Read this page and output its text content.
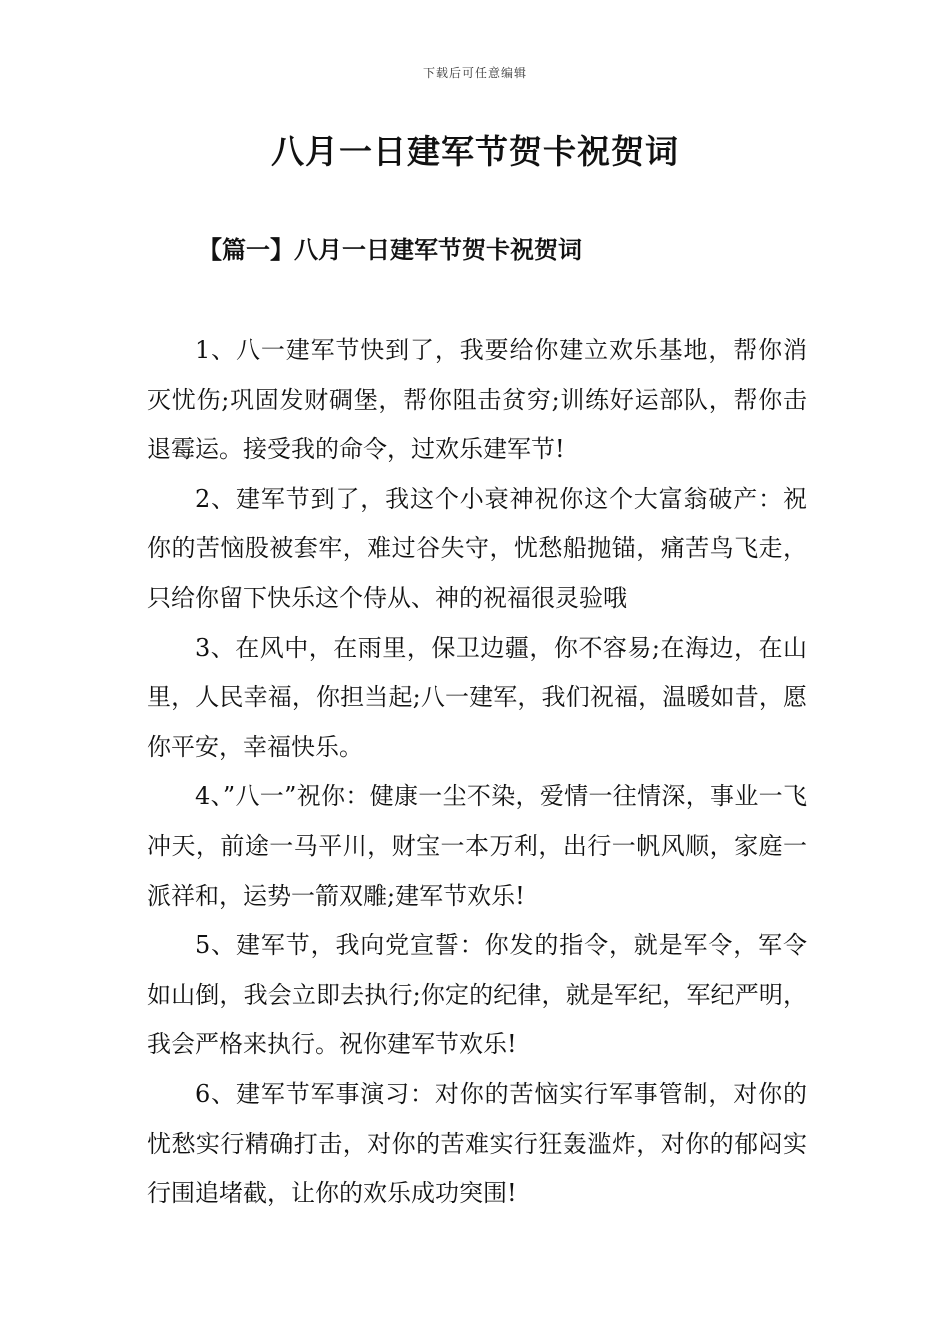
下载后可任意编辑
八月一日建军节贺卡祝贺词
【篇一】八月一日建军节贺卡祝贺词

1、八一建军节快到了，我要给你建立欢乐基地，帮你消灭忧伤;巩固发财碉堡，帮你阻击贫穷;训练好运部队，帮你击退霉运。接受我的命令，过欢乐建军节!

2、建军节到了，我这个小衰神祝你这个大富翁破产：祝你的苦恼股被套牢，难过谷失守，忧愁船抛锚，痛苦鸟飞走，只给你留下快乐这个侍从、神的祝福很灵验哦

3、在风中，在雨里，保卫边疆，你不容易;在海边，在山里，人民幸福，你担当起;八一建军，我们祝福，温暖如昔，愿你平安，幸福快乐。

4、”八一”祝你：健康一尘不染，爱情一往情深，事业一飞冲天，前途一马平川，财宝一本万利，出行一帆风顺，家庭一派祥和，运势一箭双雕;建军节欢乐!

5、建军节，我向党宣誓：你发的指令，就是军令，军令如山倒，我会立即去执行;你定的纪律，就是军纪，军纪严明，我会严格来执行。祝你建军节欢乐!

6、建军节军事演习：对你的苦恼实行军事管制，对你的忧愁实行精确打击，对你的苦难实行狂轰滥炸，对你的郁闷实行围追堵截，让你的欢乐成功突围!
